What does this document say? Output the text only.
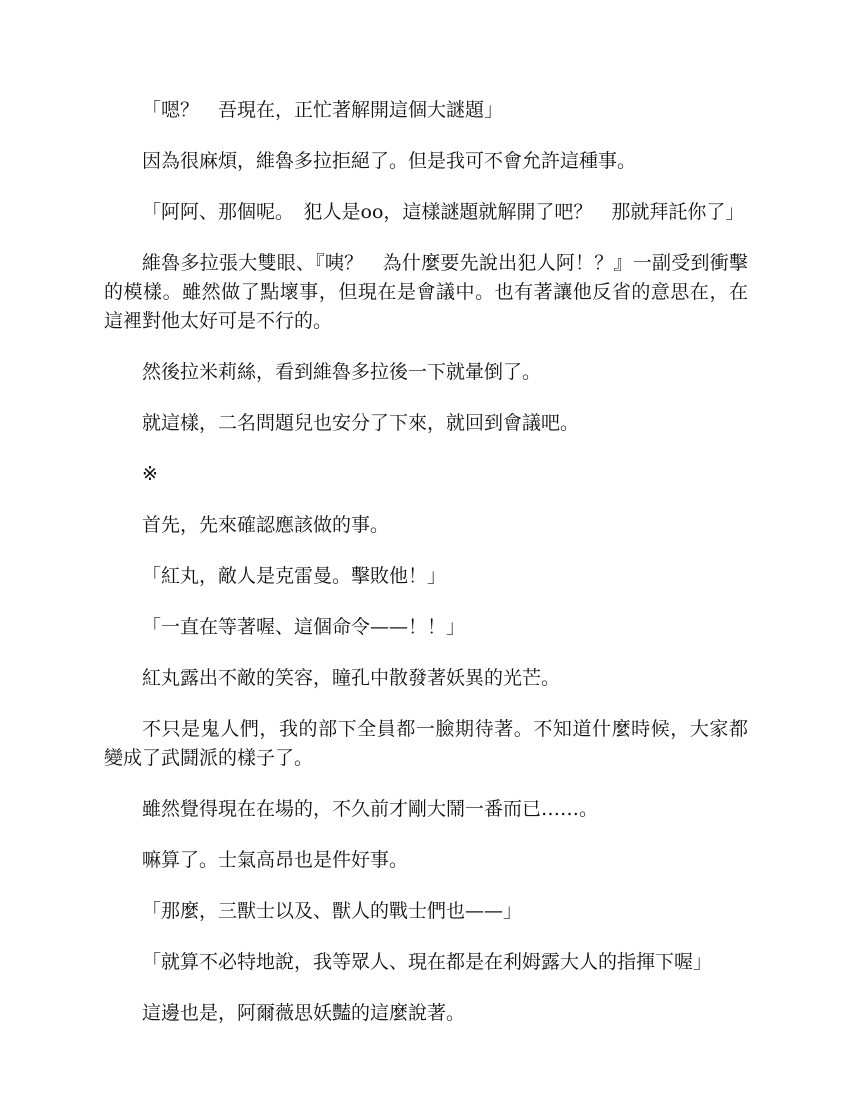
「嗯？　吾現在，正忙著解開這個大謎題」

因為很麻煩，維魯多拉拒絕了。但是我可不會允許這種事。

「阿阿、那個呢。　犯人是oo，這樣謎題就解開了吧？　那就拜託你了」

維魯多拉張大雙眼、『咦？　為什麼要先說出犯人阿！？』一副受到衝擊的模樣。雖然做了點壞事，但現在是會議中。也有著讓他反省的意思在，在這裡對他太好可是不行的。

然後拉米莉絲，看到維魯多拉後一下就暈倒了。

就這樣，二名問題兒也安分了下來，就回到會議吧。

※

首先，先來確認應該做的事。

「紅丸，敵人是克雷曼。擊敗他！」

「一直在等著喔、這個命令——！！」

紅丸露出不敵的笑容，瞳孔中散發著妖異的光芒。

不只是鬼人們，我的部下全員都一臉期待著。不知道什麼時候，大家都變成了武鬪派的樣子了。

雖然覺得現在在場的，不久前才剛大鬧一番而已……。

嘛算了。士氣高昂也是件好事。

「那麼，三獸士以及、獸人的戰士們也——」

「就算不必特地說，我等眾人、現在都是在利姆露大人的指揮下喔」

這邊也是，阿爾薇思妖豔的這麼說著。
